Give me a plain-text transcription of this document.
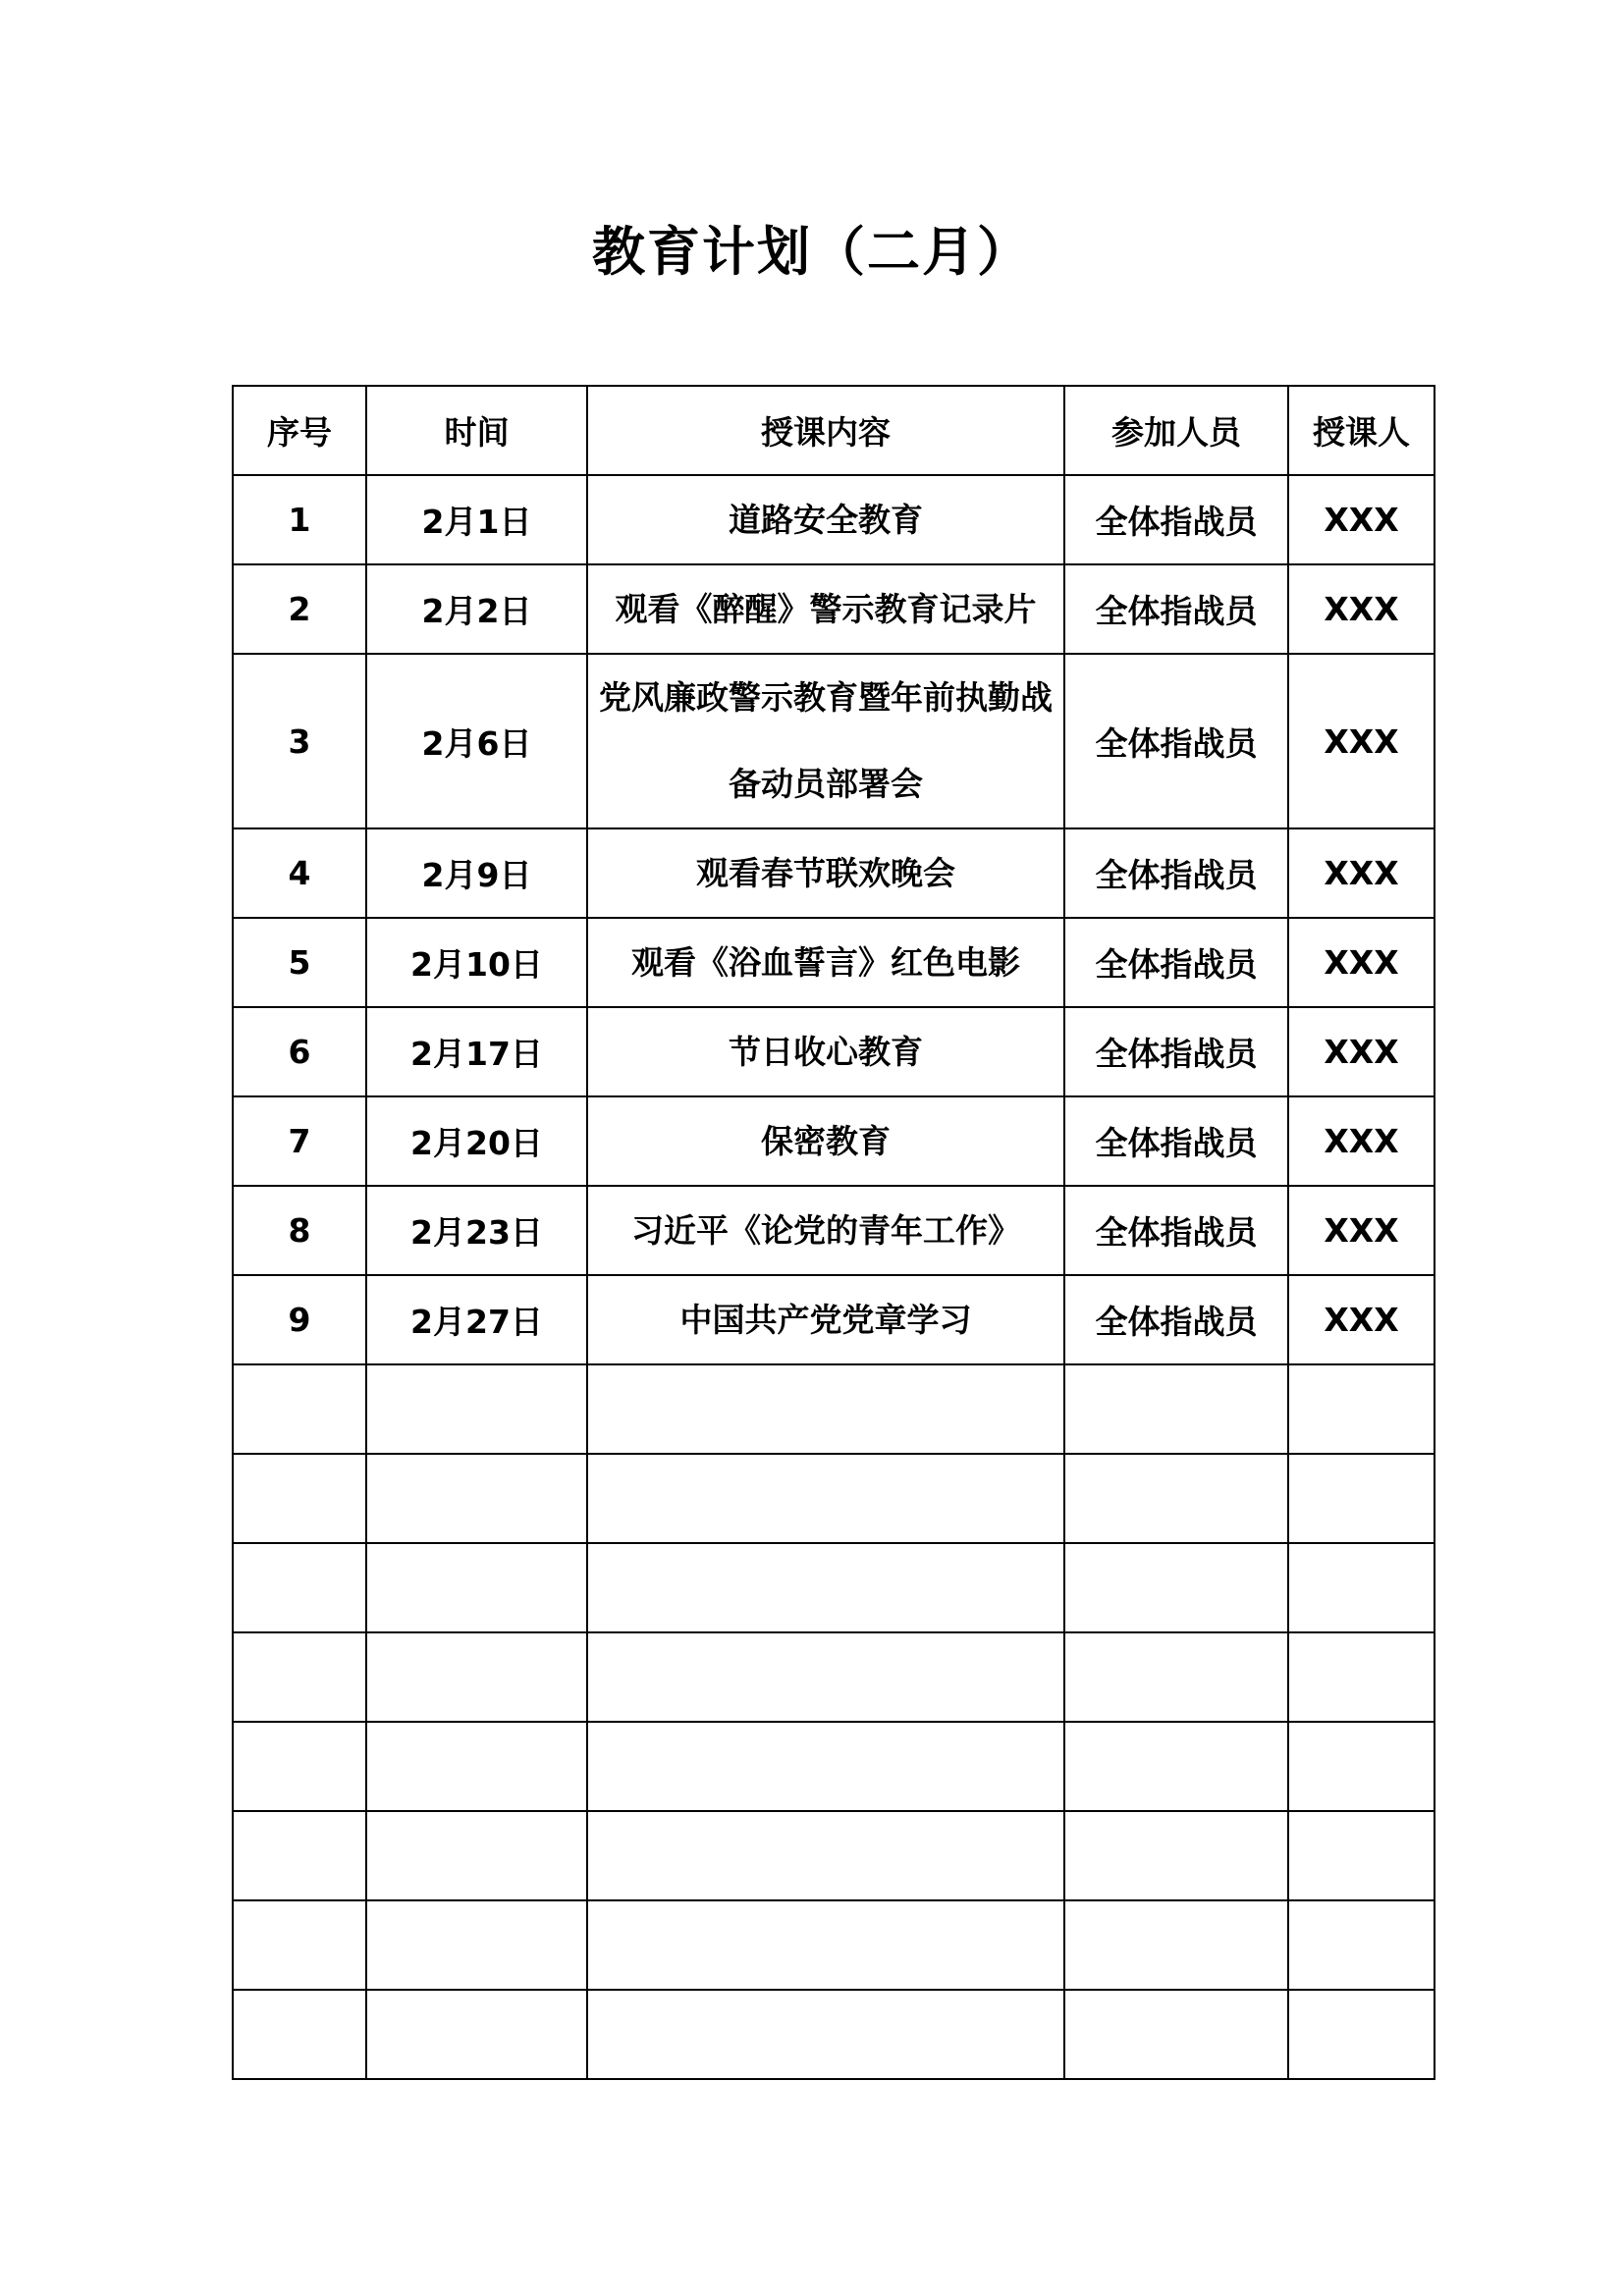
教育计划（二月）
序号	时间	授课内容	参加人员	授课人
1	2月1日	道路安全教育	全体指战员	XXX
2	2月2日	观看《醉醒》警示教育记录片	全体指战员	XXX
3	2月6日	党风廉政警示教育暨年前执勤战备动员部署会	全体指战员	XXX
4	2月9日	观看春节联欢晚会	全体指战员	XXX
5	2月10日	观看《浴血誓言》红色电影	全体指战员	XXX
6	2月17日	节日收心教育	全体指战员	XXX
7	2月20日	保密教育	全体指战员	XXX
8	2月23日	习近平《论党的青年工作》	全体指战员	XXX
9	2月27日	中国共产党党章学习	全体指战员	XXX
